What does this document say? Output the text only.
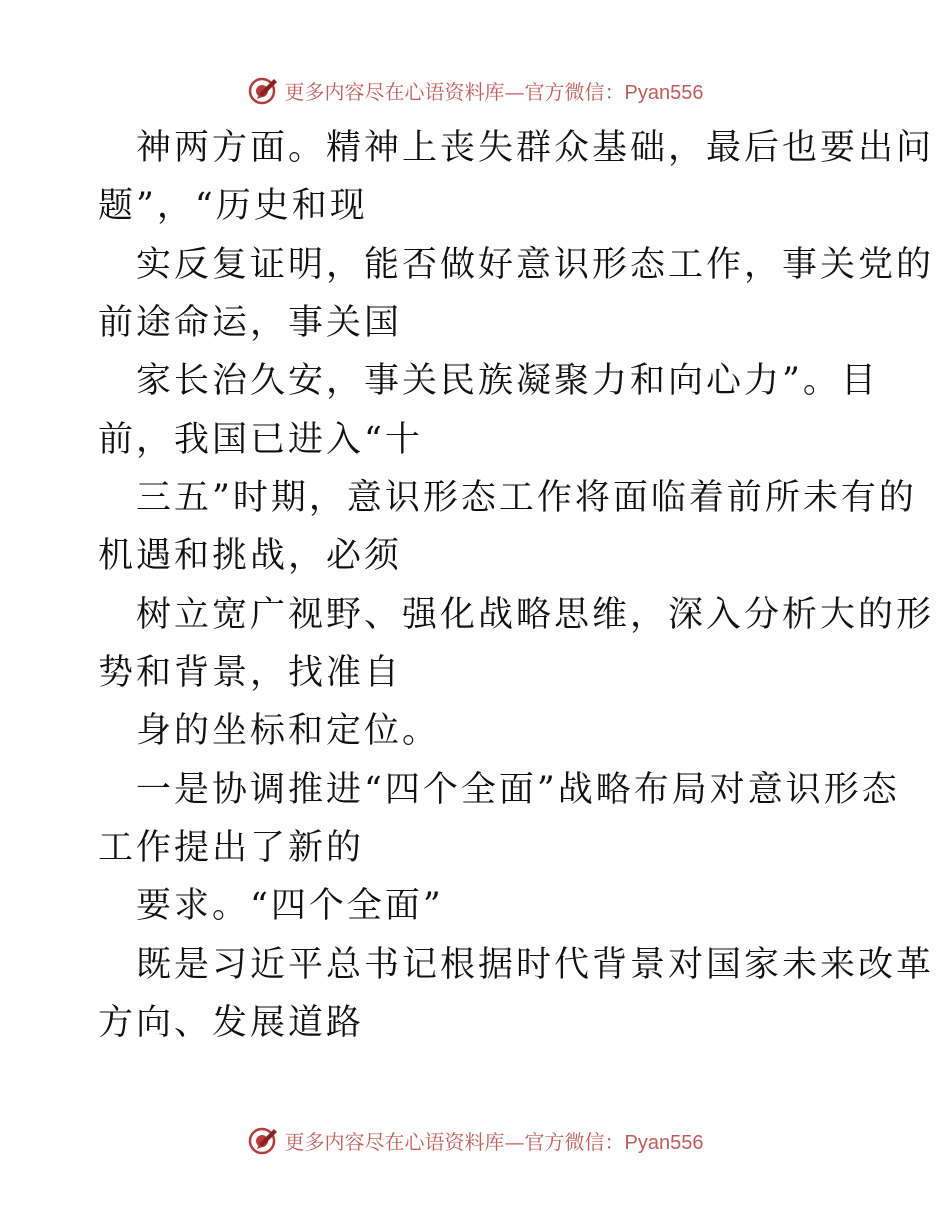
更多内容尽在心语资料库—官方微信：Pyan556
神两方面。精神上丧失群众基础，最后也要出问
题”，“历史和现
实反复证明，能否做好意识形态工作，事关党的
前途命运，事关国
家长治久安，事关民族凝聚力和向心力”。目
前，我国已进入“十
三五”时期，意识形态工作将面临着前所未有的
机遇和挑战，必须
树立宽广视野、强化战略思维，深入分析大的形
势和背景，找准自
身的坐标和定位。
一是协调推进“四个全面”战略布局对意识形态
工作提出了新的
要求。“四个全面”
既是习近平总书记根据时代背景对国家未来改革
方向、发展道路
更多内容尽在心语资料库—官方微信：Pyan556
